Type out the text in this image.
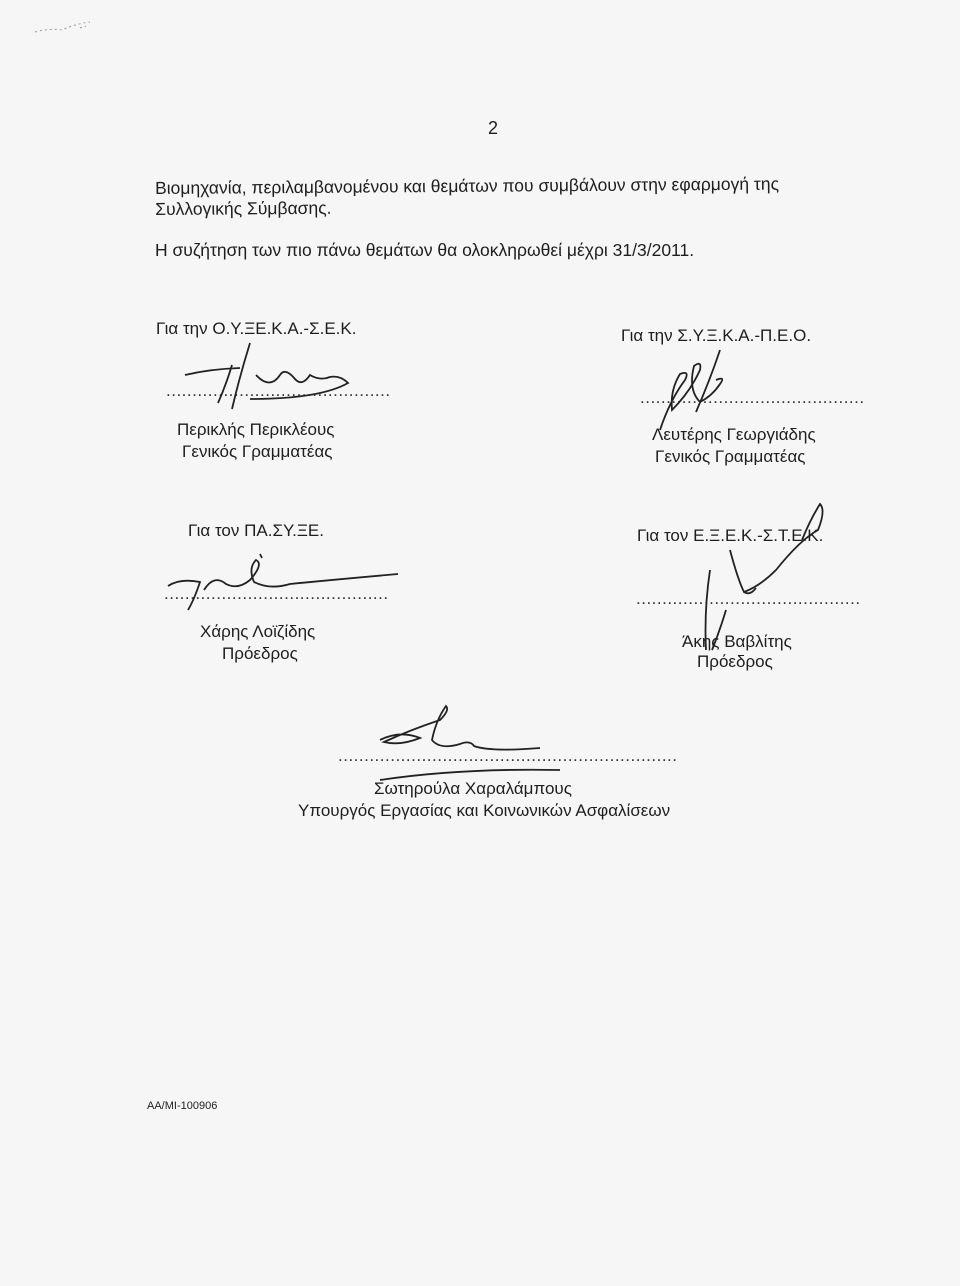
2
Βιομηχανία, περιλαμβανομένου και θεμάτων που συμβάλουν στην εφαρμογή της
Συλλογικής Σύμβασης.
Η συζήτηση των πιο πάνω θεμάτων θα ολοκληρωθεί μέχρι 31/3/2011.
Για την Ο.Υ.ΞΕ.Κ.Α.-Σ.Ε.Κ.
...........................................
Περικλής Περικλέους
Γενικός Γραμματέας
Για την Σ.Υ.Ξ.Κ.Α.-Π.Ε.Ο.
...........................................
Λευτέρης Γεωργιάδης
Γενικός Γραμματέας
Για τον ΠΑ.ΣΥ.ΞΕ.
...........................................
Χάρης Λοϊζίδης
Πρόεδρος
Για τον Ε.Ξ.Ε.Κ.-Σ.Τ.Ε.Κ.
...........................................
Άκης Βαβλίτης
Πρόεδρος
.................................................................
Σωτηρούλα Χαραλάμπους
Υπουργός Εργασίας και Κοινωνικών Ασφαλίσεων
ΑΑ/ΜΙ-100906
